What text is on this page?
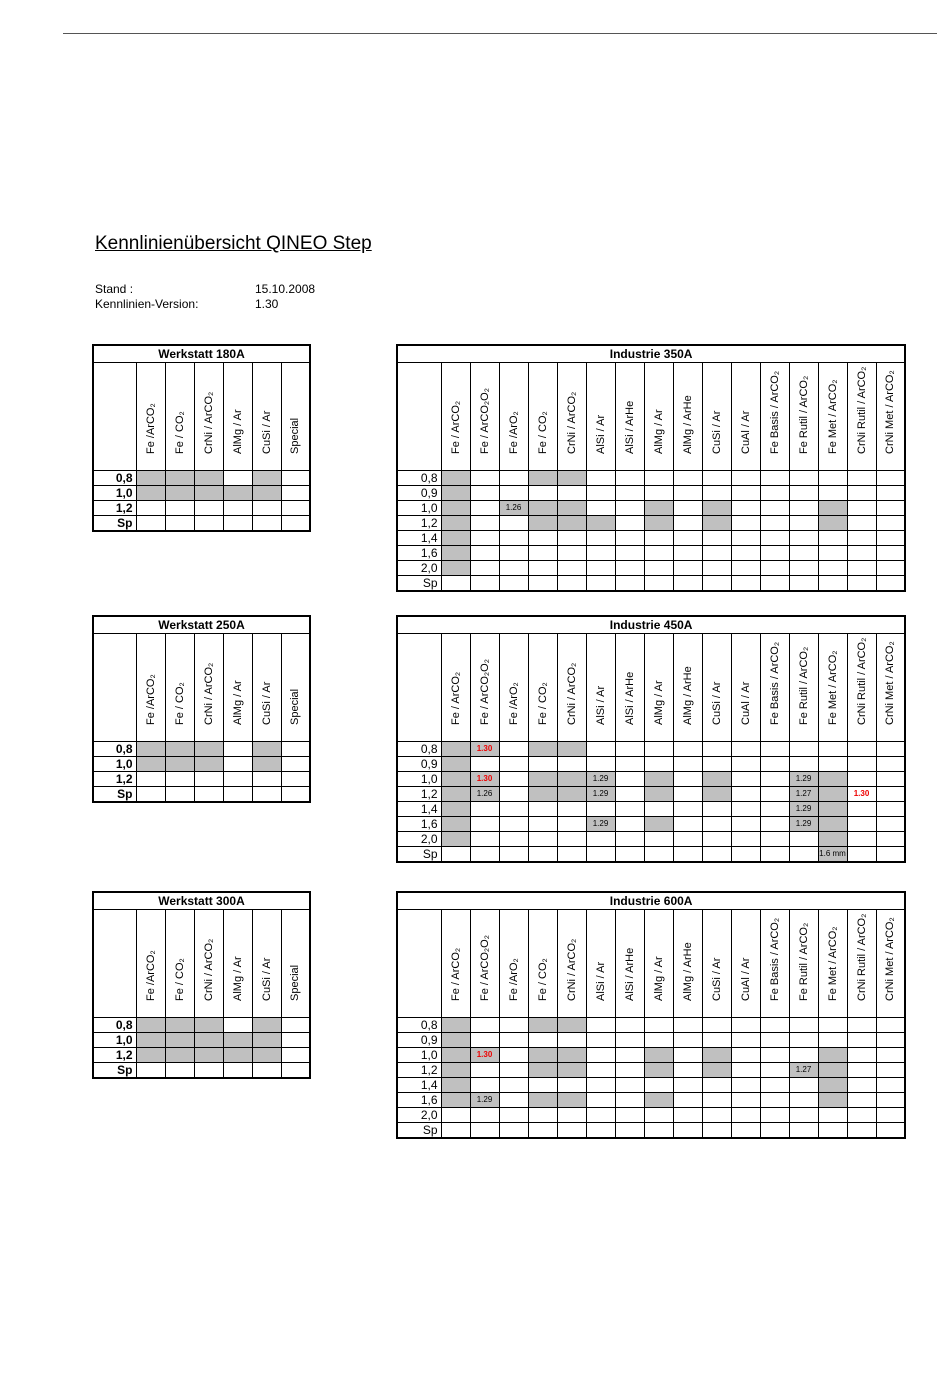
Kennlinienübersicht QINEO Step
Stand :	15.10.2008
Kennlinien-Version:	1.30
Werkstatt 180A						

	Fe /ArCO₂	Fe / CO₂	CrNi / ArCO₂	AlMg / Ar	CuSi / Ar	Special

0,8						
1,0						
1,2						
Sp						
Werkstatt 250A						

	Fe /ArCO₂	Fe / CO₂	CrNi / ArCO₂	AlMg / Ar	CuSi / Ar	Special

0,8						
1,0						
1,2						
Sp						
Werkstatt 300A						

	Fe /ArCO₂	Fe / CO₂	CrNi / ArCO₂	AlMg / Ar	CuSi / Ar	Special

0,8						
1,0						
1,2						
Sp						
Industrie 350A																

	Fe / ArCO₂	Fe / ArCO₂O₂	Fe /ArO₂	Fe / CO₂	CrNi / ArCO₂	AlSi / Ar	AlSi / ArHe	AlMg / Ar	AlMg / ArHe	CuSi / Ar	CuAl / Ar	Fe Basis / ArCO₂	Fe Rutil / ArCO₂	Fe Met / ArCO₂	CrNi Rutil / ArCO₂	CrNi Met / ArCO₂

0,8																
0,9																
1,0			1.26													
1,2																
1,4																
1,6																
2,0																
Sp																
Industrie 450A																

	Fe / ArCO₂	Fe / ArCO₂O₂	Fe /ArO₂	Fe / CO₂	CrNi / ArCO₂	AlSi / Ar	AlSi / ArHe	AlMg / Ar	AlMg / ArHe	CuSi / Ar	CuAl / Ar	Fe Basis / ArCO₂	Fe Rutil / ArCO₂	Fe Met / ArCO₂	CrNi Rutil / ArCO₂	CrNi Met / ArCO₂

0,8		1.30														
0,9																
1,0		1.30				1.29							1.29			
1,2		1.26				1.29							1.27		1.30	
1,4													1.29			
1,6						1.29							1.29			
2,0																
Sp														1.6 mm		
Industrie 600A																

	Fe / ArCO₂	Fe / ArCO₂O₂	Fe /ArO₂	Fe / CO₂	CrNi / ArCO₂	AlSi / Ar	AlSi / ArHe	AlMg / Ar	AlMg / ArHe	CuSi / Ar	CuAl / Ar	Fe Basis / ArCO₂	Fe Rutil / ArCO₂	Fe Met / ArCO₂	CrNi Rutil / ArCO₂	CrNi Met / ArCO₂

0,8																
0,9																
1,0		1.30														
1,2													1.27			
1,4																
1,6		1.29														
2,0																
Sp																
